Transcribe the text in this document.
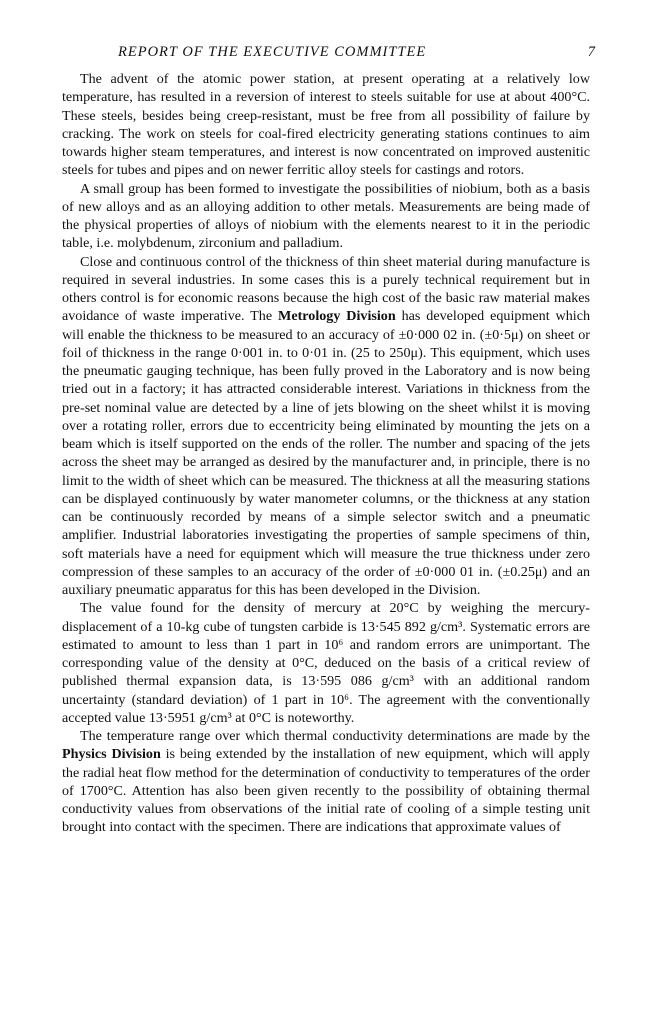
REPORT OF THE EXECUTIVE COMMITTEE	7

The advent of the atomic power station, at present operating at a relatively low temperature, has resulted in a reversion of interest to steels suitable for use at about 400°C. These steels, besides being creep-resistant, must be free from all possibility of failure by cracking. The work on steels for coal-fired electricity generating stations continues to aim towards higher steam temperatures, and interest is now concentrated on improved austenitic steels for tubes and pipes and on newer ferritic alloy steels for castings and rotors.

A small group has been formed to investigate the possibilities of niobium, both as a basis of new alloys and as an alloying addition to other metals. Measurements are being made of the physical properties of alloys of niobium with the elements nearest to it in the periodic table, i.e. molybdenum, zirconium and palladium.

Close and continuous control of the thickness of thin sheet material during manufacture is required in several industries. In some cases this is a purely technical requirement but in others control is for economic reasons because the high cost of the basic raw material makes avoidance of waste imperative. The Metrology Division has developed equipment which will enable the thickness to be measured to an accuracy of ±0·000 02 in. (±0·5μ) on sheet or foil of thickness in the range 0·001 in. to 0·01 in. (25 to 250μ). This equipment, which uses the pneumatic gauging technique, has been fully proved in the Laboratory and is now being tried out in a factory; it has attracted considerable interest. Variations in thickness from the pre-set nominal value are detected by a line of jets blowing on the sheet whilst it is moving over a rotating roller, errors due to eccentricity being eliminated by mounting the jets on a beam which is itself supported on the ends of the roller. The number and spacing of the jets across the sheet may be arranged as desired by the manufacturer and, in principle, there is no limit to the width of sheet which can be measured. The thickness at all the measuring stations can be displayed continuously by water manometer columns, or the thickness at any station can be continuously recorded by means of a simple selector switch and a pneumatic amplifier. Industrial laboratories investigating the properties of sample specimens of thin, soft materials have a need for equipment which will measure the true thickness under zero compression of these samples to an accuracy of the order of ±0·000 01 in. (±0.25μ) and an auxiliary pneumatic apparatus for this has been developed in the Division.

The value found for the density of mercury at 20°C by weighing the mercury-displacement of a 10-kg cube of tungsten carbide is 13·545 892 g/cm³. Systematic errors are estimated to amount to less than 1 part in 10⁶ and random errors are unimportant. The corresponding value of the density at 0°C, deduced on the basis of a critical review of published thermal expansion data, is 13·595 086 g/cm³ with an additional random uncertainty (standard deviation) of 1 part in 10⁶. The agreement with the conventionally accepted value 13·5951 g/cm³ at 0°C is noteworthy.

The temperature range over which thermal conductivity determinations are made by the Physics Division is being extended by the installation of new equipment, which will apply the radial heat flow method for the determination of conductivity to temperatures of the order of 1700°C. Attention has also been given recently to the possibility of obtaining thermal conductivity values from observations of the initial rate of cooling of a simple testing unit brought into contact with the specimen. There are indications that approximate values of
